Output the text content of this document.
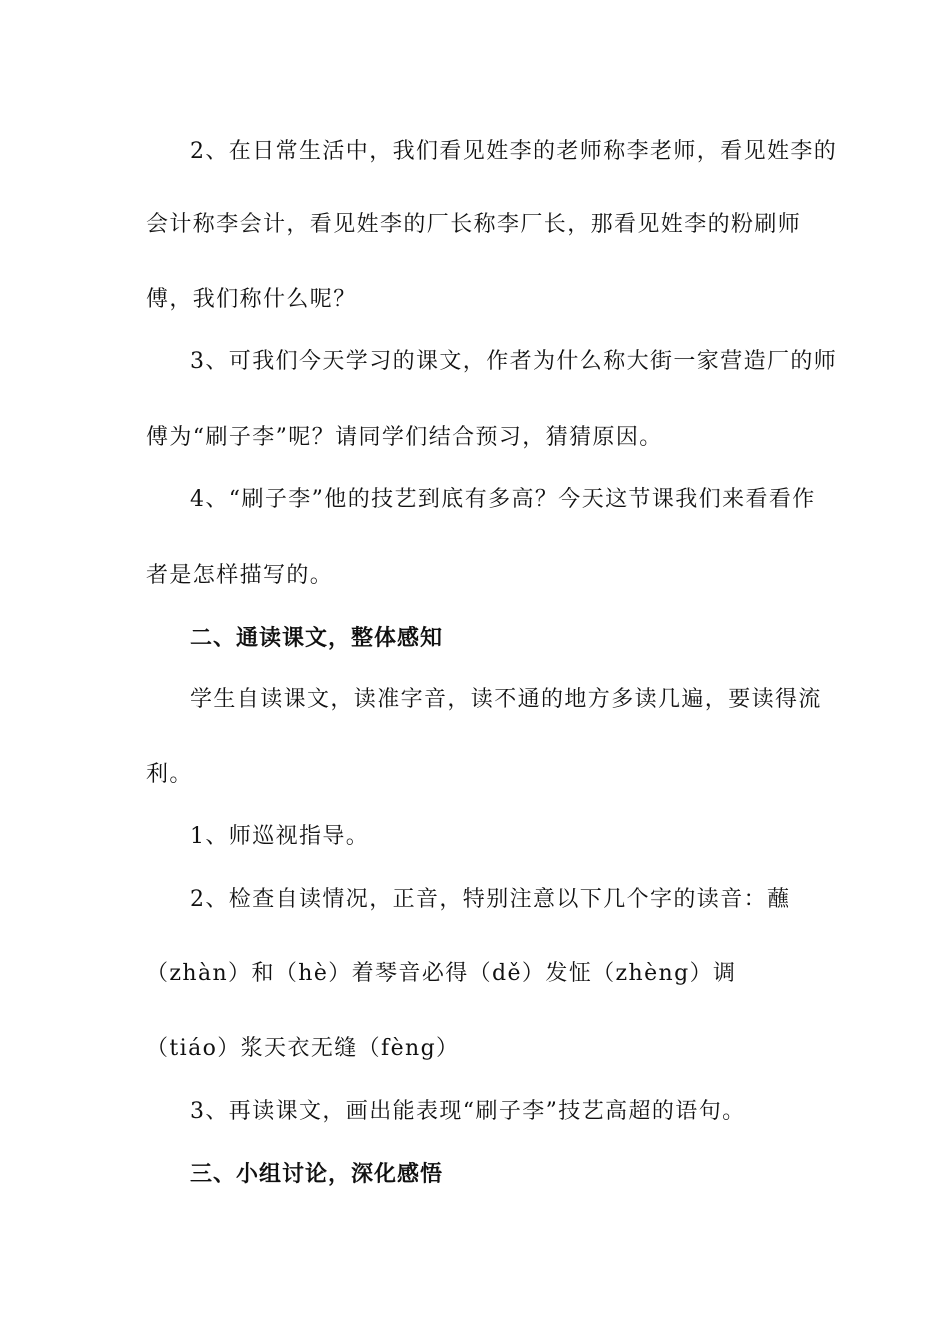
2、在日常生活中，我们看见姓李的老师称李老师，看见姓李的
会计称李会计，看见姓李的厂长称李厂长，那看见姓李的粉刷师
傅，我们称什么呢？
3、可我们今天学习的课文，作者为什么称大街一家营造厂的师
傅为“刷子李”呢？请同学们结合预习，猜猜原因。
4、“刷子李”他的技艺到底有多高？今天这节课我们来看看作
者是怎样描写的。
二、通读课文，整体感知
学生自读课文，读准字音，读不通的地方多读几遍，要读得流
利。
1、师巡视指导。
2、检查自读情况，正音，特别注意以下几个字的读音：蘸
（zhàn）和（hè）着琴音必得（dě）发怔（zhèng）调
（tiáo）浆天衣无缝（fèng）
3、再读课文，画出能表现“刷子李”技艺高超的语句。
三、小组讨论，深化感悟
